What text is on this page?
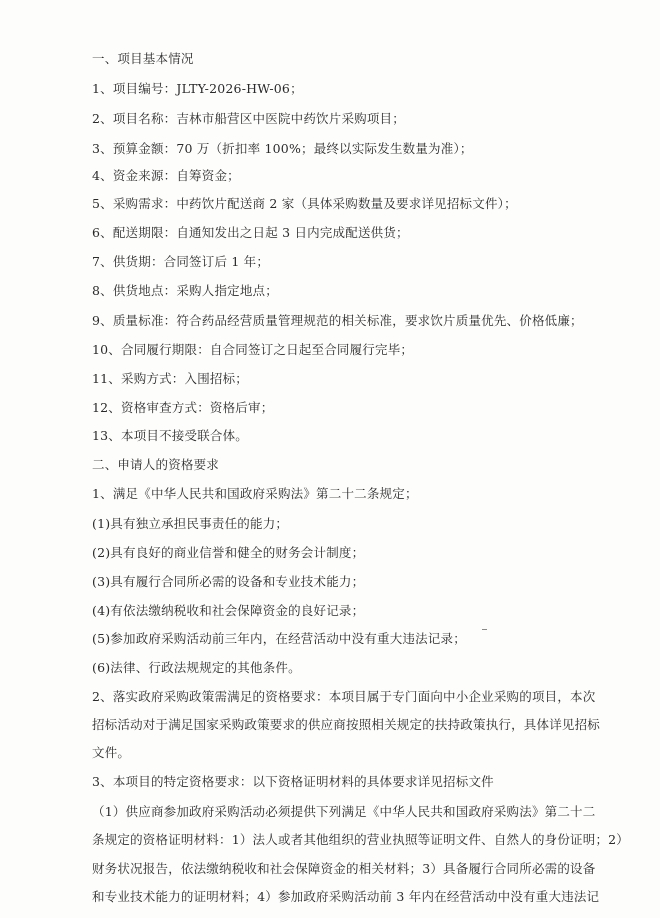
一、项目基本情况
1、项目编号：JLTY-2026-HW-06；
2、项目名称：吉林市船营区中医院中药饮片采购项目；
3、预算金额：70 万（折扣率 100%；最终以实际发生数量为准）；
4、资金来源：自筹资金；
5、采购需求：中药饮片配送商 2 家（具体采购数量及要求详见招标文件）；
6、配送期限：自通知发出之日起 3 日内完成配送供货；
7、供货期：合同签订后 1 年；
8、供货地点：采购人指定地点；
9、质量标准：符合药品经营质量管理规范的相关标准，要求饮片质量优先、价格低廉；
10、合同履行期限：自合同签订之日起至合同履行完毕；
11、采购方式：入围招标；
12、资格审查方式：资格后审；
13、本项目不接受联合体。
二、申请人的资格要求
1、满足《中华人民共和国政府采购法》第二十二条规定；
(1)具有独立承担民事责任的能力；
(2)具有良好的商业信誉和健全的财务会计制度；
(3)具有履行合同所必需的设备和专业技术能力；
(4)有依法缴纳税收和社会保障资金的良好记录；
(5)参加政府采购活动前三年内，在经营活动中没有重大违法记录；
(6)法律、行政法规规定的其他条件。
2、落实政府采购政策需满足的资格要求：本项目属于专门面向中小企业采购的项目，本次
招标活动对于满足国家采购政策要求的供应商按照相关规定的扶持政策执行，具体详见招标
文件。
3、本项目的特定资格要求：以下资格证明材料的具体要求详见招标文件
（1）供应商参加政府采购活动必须提供下列满足《中华人民共和国政府采购法》第二十二
条规定的资格证明材料：1）法人或者其他组织的营业执照等证明文件、自然人的身份证明；2）
财务状况报告，依法缴纳税收和社会保障资金的相关材料；3）具备履行合同所必需的设备
和专业技术能力的证明材料；4）参加政府采购活动前 3 年内在经营活动中没有重大违法记
